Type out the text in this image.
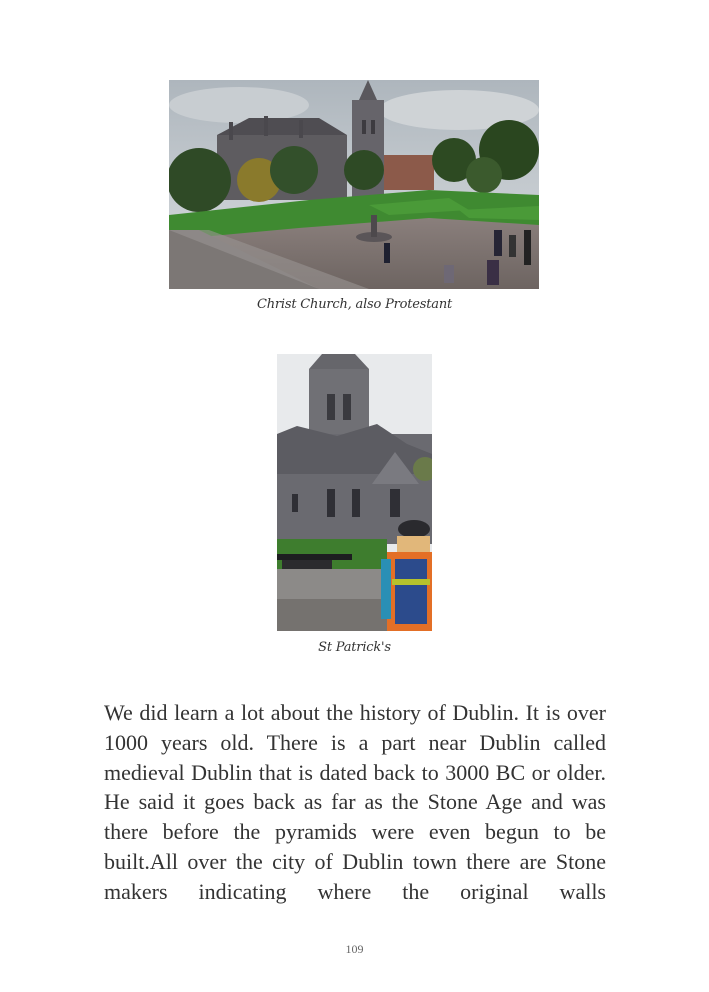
Christ Church, also Protestant
St Patrick's

We did learn a lot about the history of Dublin. It is over 1000 years old. There is a part near Dublin called medieval Dublin that is dated back to 3000 BC or older. He said it goes back as far as the Stone Age and was there before the pyramids were even begun to be built.All over the city of Dublin town there are Stone makers indicating where the original walls

109
